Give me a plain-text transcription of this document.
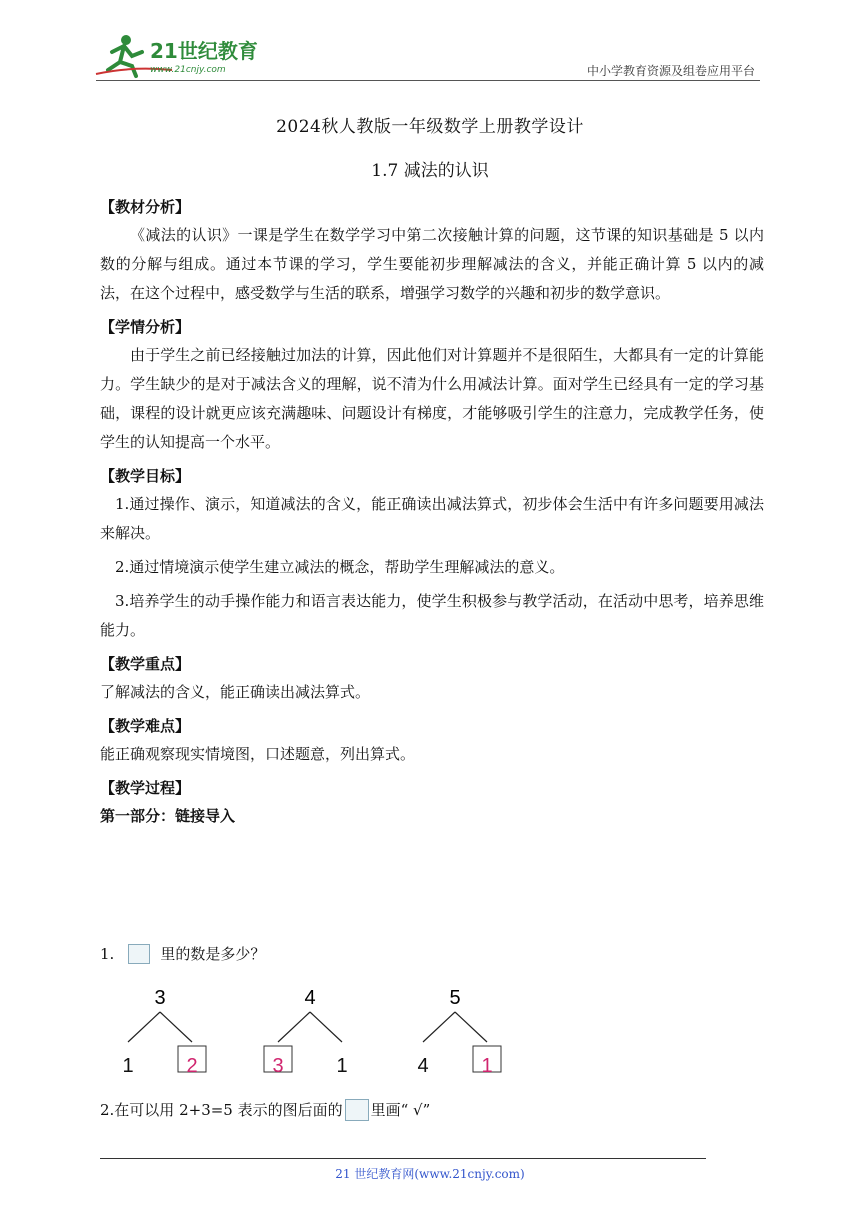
21世纪教育
www.21cnjy.com	中小学教育资源及组卷应用平台
2024秋人教版一年级数学上册教学设计
1.7 减法的认识
【教材分析】
《减法的认识》一课是学生在数学学习中第二次接触计算的问题，这节课的知识基础是 5 以内数的分解与组成。通过本节课的学习，学生要能初步理解减法的含义，并能正确计算 5 以内的减法，在这个过程中，感受数学与生活的联系，增强学习数学的兴趣和初步的数学意识。
【学情分析】
由于学生之前已经接触过加法的计算，因此他们对计算题并不是很陌生，大都具有一定的计算能力。学生缺少的是对于减法含义的理解，说不清为什么用减法计算。面对学生已经具有一定的学习基础，课程的设计就更应该充满趣味、问题设计有梯度，才能够吸引学生的注意力，完成教学任务，使学生的认知提高一个水平。
【教学目标】
1.通过操作、演示，知道减法的含义，能正确读出减法算式，初步体会生活中有许多问题要用减法来解决。
2.通过情境演示使学生建立减法的概念，帮助学生理解减法的意义。
3.培养学生的动手操作能力和语言表达能力，使学生积极参与教学活动，在活动中思考，培养思维能力。
【教学重点】
了解减法的含义，能正确读出减法算式。
【教学难点】
能正确观察现实情境图，口述题意，列出算式。
【教学过程】
第一部分：链接导入
1.	里的数是多少？
3
1	2
4
3	1
5
4	1
2.在可以用 2+3=5 表示的图后面的 里画“ √”
21 世纪教育网(www.21cnjy.com)
